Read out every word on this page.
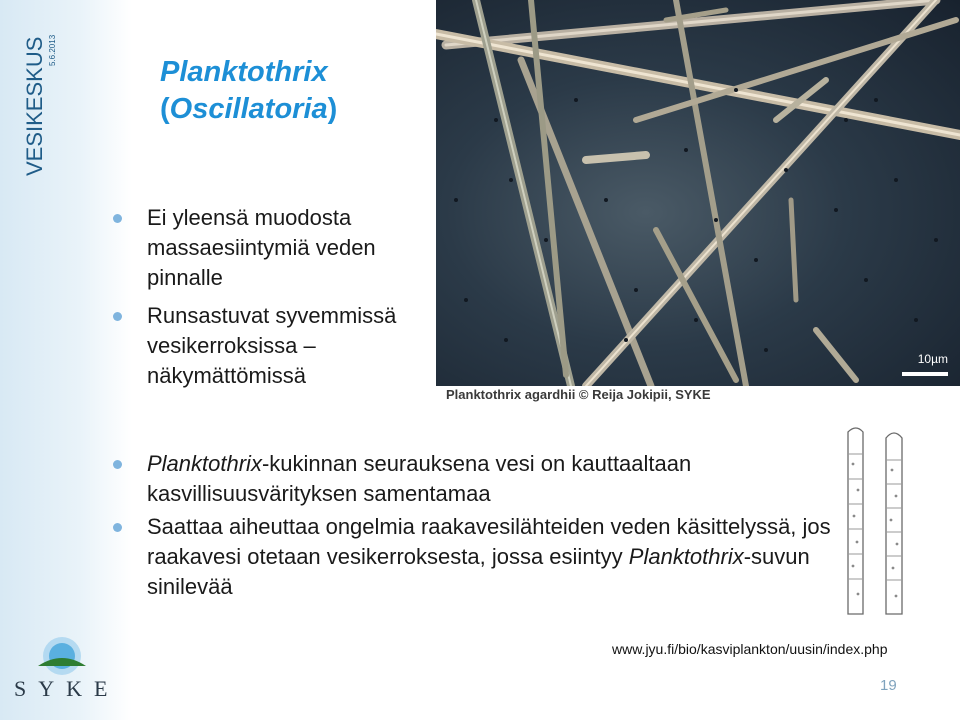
VESIKESKUS 5.6.2013
Planktothrix
(Oscillatoria)
Ei yleensä muodosta massaesiintymiä veden pinnalle
Runsastuvat syvemmissä vesikerroksissa – näkymättömissä
Planktothrix-kukinnan seurauksena vesi on kauttaaltaan kasvillisuusvärityksen samentamaa
Saattaa aiheuttaa ongelmia raakavesilähteiden veden käsittelyssä, jos raakavesi otetaan vesikerroksesta, jossa esiintyy Planktothrix-suvun sinilevää
10µm
Planktothrix agardhii © Reija Jokipii, SYKE
www.jyu.fi/bio/kasviplankton/uusin/index.php
19
SYKE
